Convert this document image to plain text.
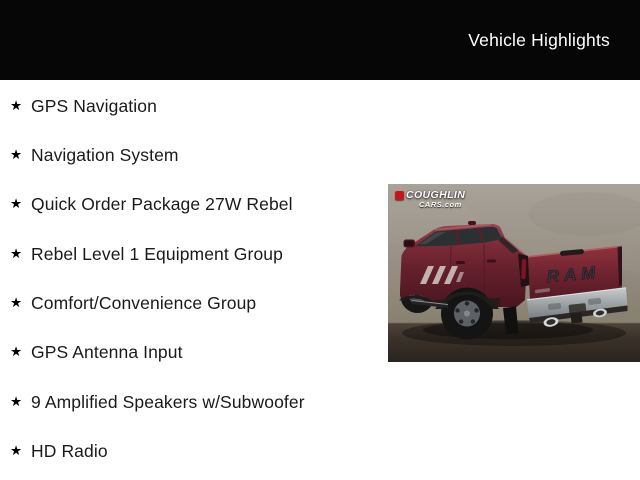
Vehicle Highlights
★ GPS Navigation
★ Navigation System
★ Quick Order Package 27W Rebel
★ Rebel Level 1 Equipment Group
★ Comfort/Convenience Group
★ GPS Antenna Input
★ 9 Amplified Speakers w/Subwoofer
★ HD Radio
RAM
COUGHLIN
CARS.com
